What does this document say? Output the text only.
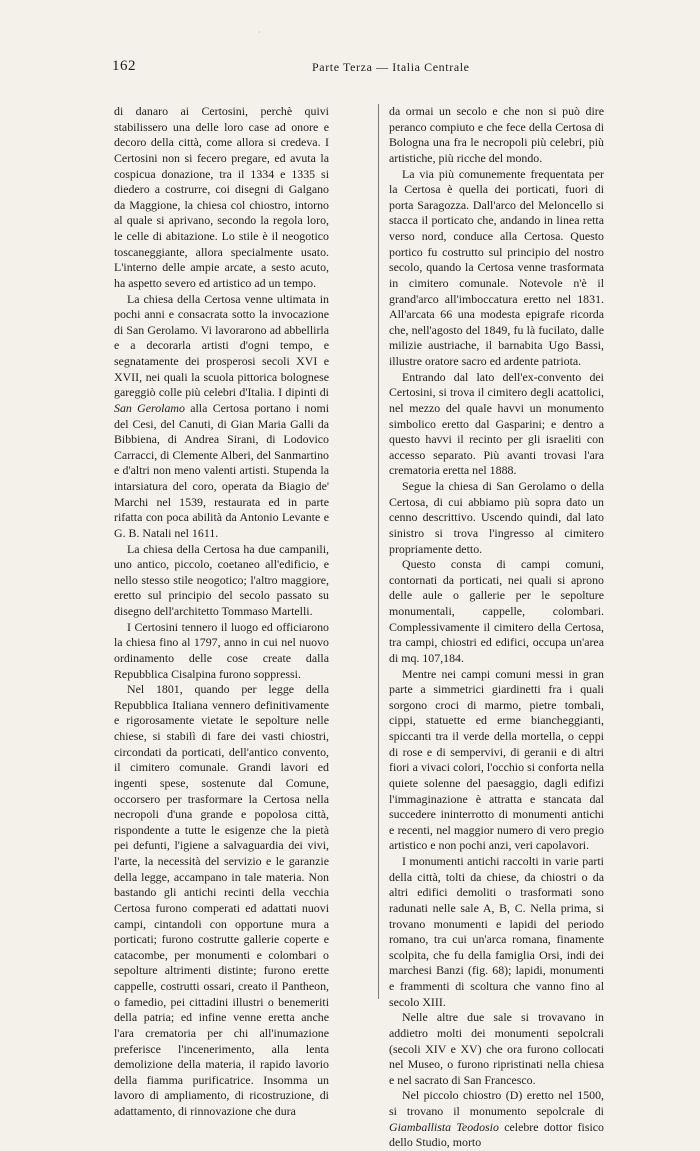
·
162	Parte Terza — Italia Centrale

di danaro ai Certosini, perchè quivi stabilissero una delle loro case ad onore e decoro della città, come allora si credeva. I Certosini non si fecero pregare, ed avuta la cospicua donazione, tra il 1334 e 1335 si diedero a costrurre, coi disegni di Galgano da Maggione, la chiesa col chiostro, intorno al quale si aprivano, secondo la regola loro, le celle di abitazione. Lo stile è il neogotico toscaneggiante, allora specialmente usato. L'interno delle ampie arcate, a sesto acuto, ha aspetto severo ed artistico ad un tempo.

La chiesa della Certosa venne ultimata in pochi anni e consacrata sotto la invocazione di San Gerolamo. Vi lavorarono ad abbellirla e a decorarla artisti d'ogni tempo, e segnatamente dei prosperosi secoli XVI e XVII, nei quali la scuola pittorica bolognese gareggiò colle più celebri d'Italia. I dipinti di San Gerolamo alla Certosa portano i nomi del Cesi, del Canuti, di Gian Maria Galli da Bibbiena, di Andrea Sirani, di Lodovico Carracci, di Clemente Alberi, del Sanmartino e d'altri non meno valenti artisti. Stupenda la intarsiatura del coro, operata da Biagio de' Marchi nel 1539, restaurata ed in parte rifatta con poca abilità da Antonio Levante e G. B. Natali nel 1611.

La chiesa della Certosa ha due campanili, uno antico, piccolo, coetaneo all'edificio, e nello stesso stile neogotico; l'altro maggiore, eretto sul principio del secolo passato su disegno dell'architetto Tommaso Martelli.

I Certosini tennero il luogo ed officiarono la chiesa fino al 1797, anno in cui nel nuovo ordinamento delle cose create dalla Repubblica Cisalpina furono soppressi.

Nel 1801, quando per legge della Repubblica Italiana vennero definitivamente e rigorosamente vietate le sepolture nelle chiese, si stabilì di fare dei vasti chiostri, circondati da porticati, dell'antico convento, il cimitero comunale. Grandi lavori ed ingenti spese, sostenute dal Comune, occorsero per trasformare la Certosa nella necropoli d'una grande e popolosa città, rispondente a tutte le esigenze che la pietà pei defunti, l'igiene a salvaguardia dei vivi, l'arte, la necessità del servizio e le garanzie della legge, accampano in tale materia. Non bastando gli antichi recinti della vecchia Certosa furono comperati ed adattati nuovi campi, cintandoli con opportune mura a porticati; furono costrutte gallerie coperte e catacombe, per monumenti e colombari o sepolture altrimenti distinte; furono erette cappelle, costrutti ossari, creato il Pantheon, o famedio, pei cittadini illustri o benemeriti della patria; ed infine venne eretta anche l'ara crematoria per chi all'inumazione preferisce l'incenerimento, alla lenta demolizione della materia, il rapido lavorio della fiamma purificatrice. Insomma un lavoro di ampliamento, di ricostruzione, di adattamento, di rinnovazione che dura

da ormai un secolo e che non si può dire peranco compiuto e che fece della Certosa di Bologna una fra le necropoli più celebri, più artistiche, più ricche del mondo.

La via più comunemente frequentata per la Certosa è quella dei porticati, fuori di porta Saragozza. Dall'arco del Meloncello si stacca il porticato che, andando in linea retta verso nord, conduce alla Certosa. Questo portico fu costrutto sul principio del nostro secolo, quando la Certosa venne trasformata in cimitero comunale. Notevole n'è il grand'arco all'imboccatura eretto nel 1831. All'arcata 66 una modesta epigrafe ricorda che, nell'agosto del 1849, fu là fucilato, dalle milizie austriache, il barnabita Ugo Bassi, illustre oratore sacro ed ardente patriota.

Entrando dal lato dell'ex-convento dei Certosini, si trova il cimitero degli acattolici, nel mezzo del quale havvi un monumento simbolico eretto dal Gasparini; e dentro a questo havvi il recinto per gli israeliti con accesso separato. Più avanti trovasi l'ara crematoria eretta nel 1888.

Segue la chiesa di San Gerolamo o della Certosa, di cui abbiamo più sopra dato un cenno descrittivo. Uscendo quindi, dal lato sinistro si trova l'ingresso al cimitero propriamente detto.

Questo consta di campi comuni, contornati da porticati, nei quali si aprono delle aule o gallerie per le sepolture monumentali, cappelle, colombari. Complessivamente il cimitero della Certosa, tra campi, chiostri ed edifici, occupa un'area di mq. 107,184.

Mentre nei campi comuni messi in gran parte a simmetrici giardinetti fra i quali sorgono croci di marmo, pietre tombali, cippi, statuette ed erme biancheggianti, spiccanti tra il verde della mortella, o ceppi di rose e di sempervivi, di geranii e di altri fiori a vivaci colori, l'occhio si conforta nella quiete solenne del paesaggio, dagli edifizi l'immaginazione è attratta e stancata dal succedere ininterrotto di monumenti antichi e recenti, nel maggior numero di vero pregio artistico e non pochi anzi, veri capolavori.

I monumenti antichi raccolti in varie parti della città, tolti da chiese, da chiostri o da altri edifici demoliti o trasformati sono radunati nelle sale A, B, C. Nella prima, si trovano monumenti e lapidi del periodo romano, tra cui un'arca romana, finamente scolpita, che fu della famiglia Orsi, indi dei marchesi Banzi (fig. 68); lapidi, monumenti e frammenti di scoltura che vanno fino al secolo XIII.

Nelle altre due sale si trovavano in addietro molti dei monumenti sepolcrali (secoli XIV e XV) che ora furono collocati nel Museo, o furono ripristinati nella chiesa e nel sacrato di San Francesco.

Nel piccolo chiostro (D) eretto nel 1500, si trovano il monumento sepolcrale di Giamballista Teodosio celebre dottor fisico dello Studio, morto
